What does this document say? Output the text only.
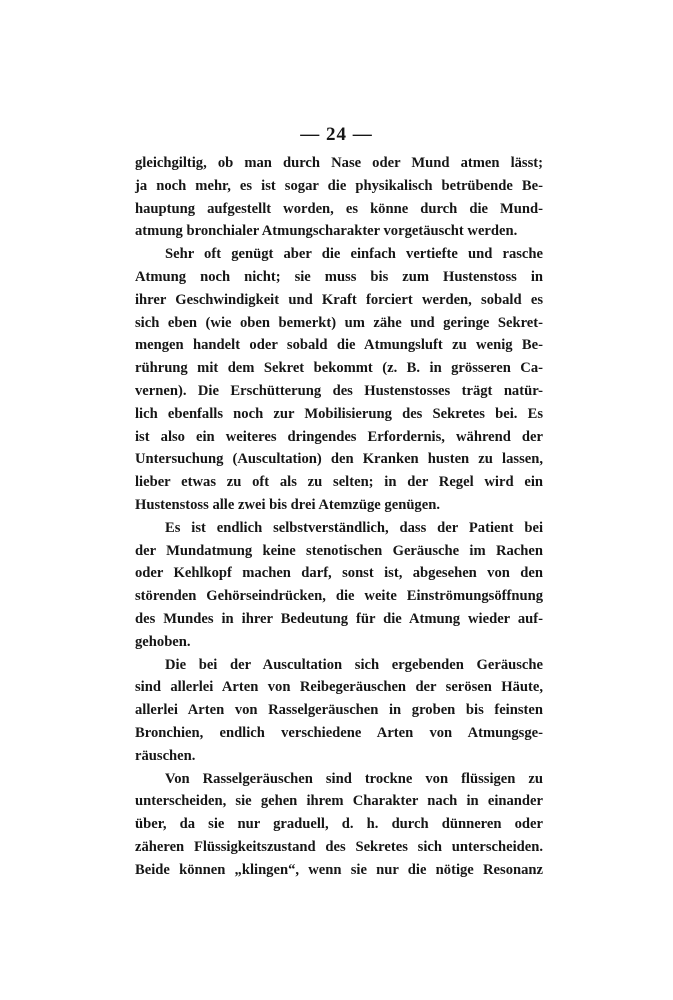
— 24 —
gleichgiltig, ob man durch Nase oder Mund atmen lässt;
ja noch mehr, es ist sogar die physikalisch betrübende Be-
hauptung aufgestellt worden, es könne durch die Mund-
atmung bronchialer Atmungscharakter vorgetäuscht werden.
Sehr oft genügt aber die einfach vertiefte und rasche
Atmung noch nicht; sie muss bis zum Hustenstoss in
ihrer Geschwindigkeit und Kraft forciert werden, sobald es
sich eben (wie oben bemerkt) um zähe und geringe Sekret-
mengen handelt oder sobald die Atmungsluft zu wenig Be-
rührung mit dem Sekret bekommt (z. B. in grösseren Ca-
vernen). Die Erschütterung des Hustenstosses trägt natür-
lich ebenfalls noch zur Mobilisierung des Sekretes bei. Es
ist also ein weiteres dringendes Erfordernis, während der
Untersuchung (Auscultation) den Kranken husten zu lassen,
lieber etwas zu oft als zu selten; in der Regel wird ein
Hustenstoss alle zwei bis drei Atemzüge genügen.
Es ist endlich selbstverständlich, dass der Patient bei
der Mundatmung keine stenotischen Geräusche im Rachen
oder Kehlkopf machen darf, sonst ist, abgesehen von den
störenden Gehörseindrücken, die weite Einströmungsöffnung
des Mundes in ihrer Bedeutung für die Atmung wieder auf-
gehoben.
Die bei der Auscultation sich ergebenden Geräusche
sind allerlei Arten von Reibegeräuschen der serösen Häute,
allerlei Arten von Rasselgeräuschen in groben bis feinsten
Bronchien, endlich verschiedene Arten von Atmungsge-
räuschen.
Von Rasselgeräuschen sind trockne von flüssigen zu
unterscheiden, sie gehen ihrem Charakter nach in einander
über, da sie nur graduell, d. h. durch dünneren oder
zäheren Flüssigkeitszustand des Sekretes sich unterscheiden.
Beide können „klingen“, wenn sie nur die nötige Resonanz
